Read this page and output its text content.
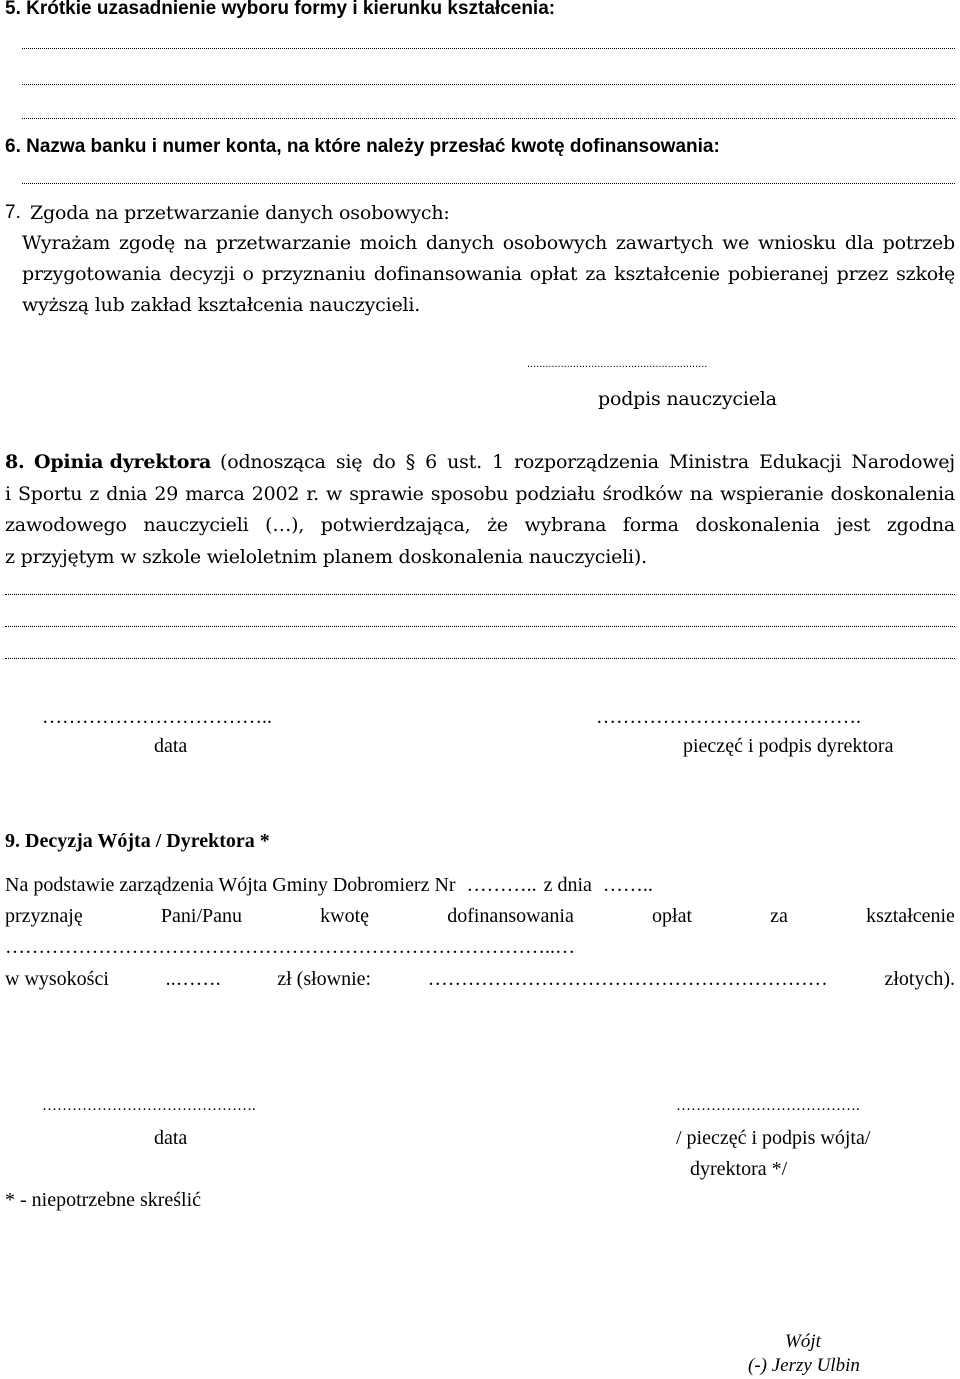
5. Krótkie uzasadnienie wyboru formy i kierunku kształcenia:
6. Nazwa banku i numer konta, na które należy przesłać kwotę dofinansowania:
7. Zgoda na przetwarzanie danych osobowych:
Wyrażam zgodę na przetwarzanie moich danych osobowych zawartych we wniosku dla potrzeb
przygotowania decyzji o przyznaniu dofinansowania opłat za kształcenie pobieranej przez szkołę
wyższą lub zakład kształcenia nauczycieli.
...........................................................
podpis nauczyciela
8. Opinia dyrektora (odnosząca się do § 6 ust. 1 rozporządzenia Ministra Edukacji Narodowej
i Sportu z dnia 29 marca 2002 r. w sprawie sposobu podziału środków na wspieranie doskonalenia
zawodowego nauczycieli (…), potwierdzająca, że wybrana forma doskonalenia jest zgodna
z przyjętym w szkole wieloletnim planem doskonalenia nauczycieli).
……………………………..
data
………………………………….
pieczęć i podpis dyrektora
9. Decyzja Wójta / Dyrektora *
Na podstawie zarządzenia Wójta Gminy Dobromierz Nr ……….. z dnia ……..
przyznaję	Pani/Panu	kwotę	dofinansowania	opłat	za	kształcenie
………………………………………………………………………..…
w wysokości	..…….	zł (słownie:	……………………………………………………	złotych).
…………………………………….
data
……………………………….
/ pieczęć i podpis wójta/
dyrektora */
* - niepotrzebne skreślić
Wójt
(-) Jerzy Ulbin
